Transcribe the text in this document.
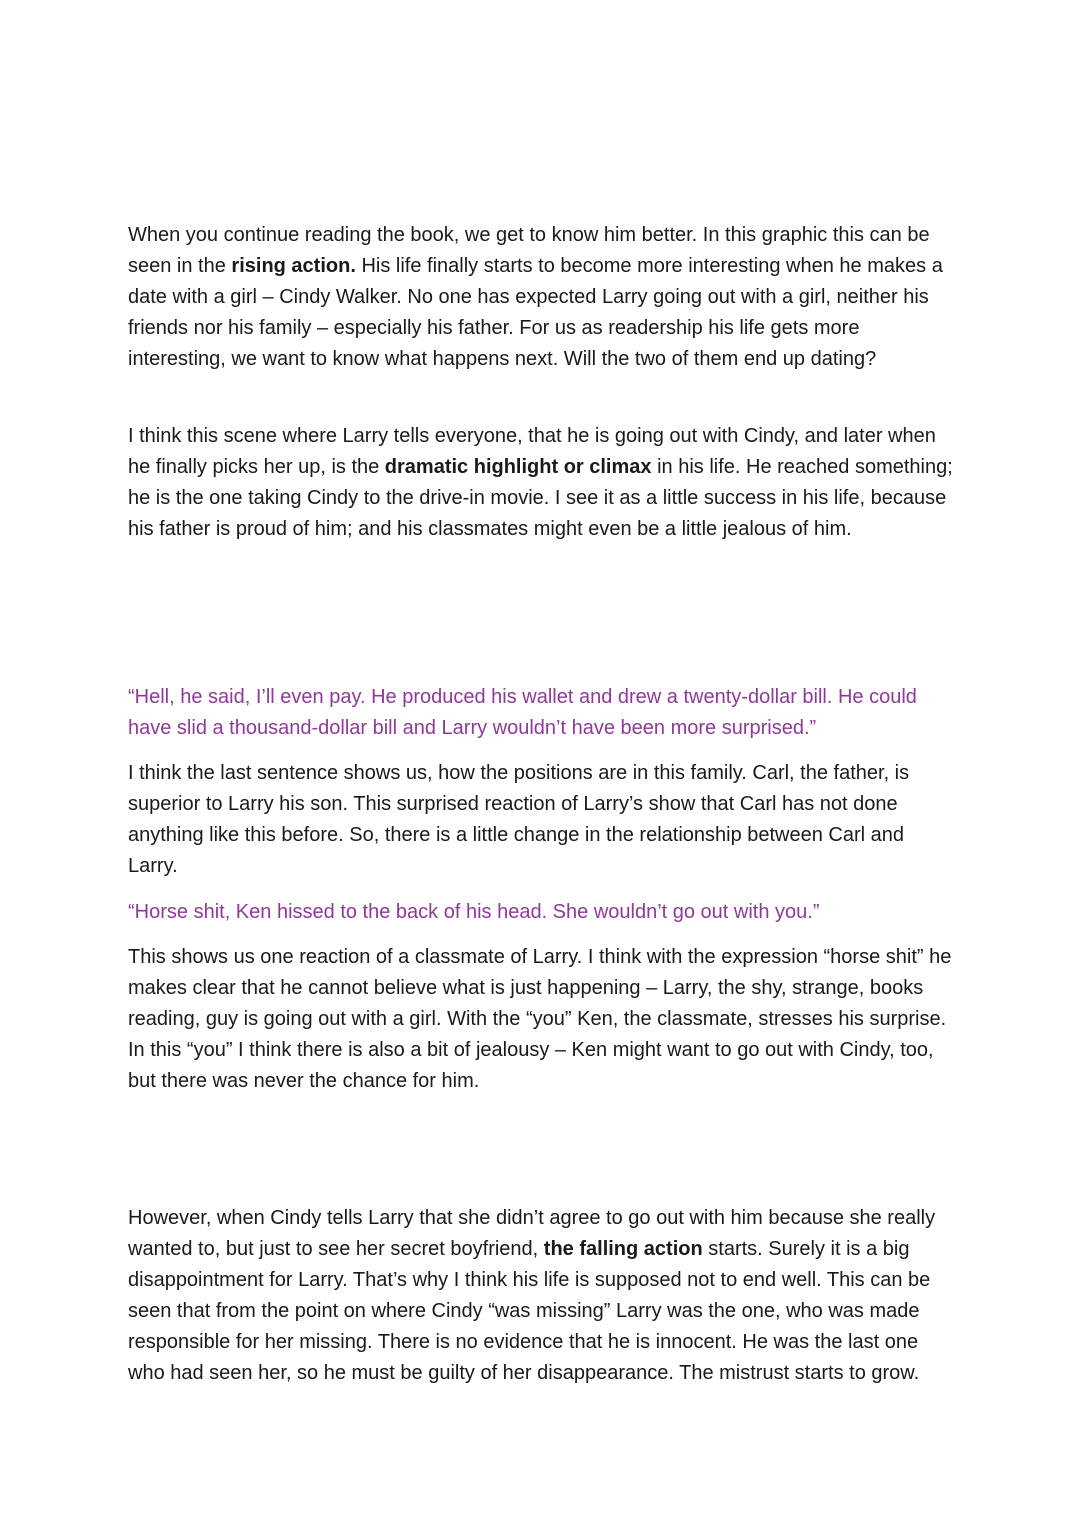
When you continue reading the book, we get to know him better. In this graphic this can be seen in the rising action. His life finally starts to become more interesting when he makes a date with a girl – Cindy Walker. No one has expected Larry going out with a girl, neither his friends nor his family – especially his father. For us as readership his life gets more interesting, we want to know what happens next. Will the two of them end up dating?

I think this scene where Larry tells everyone, that he is going out with Cindy, and later when he finally picks her up, is the dramatic highlight or climax in his life. He reached something; he is the one taking Cindy to the drive-in movie. I see it as a little success in his life, because his father is proud of him; and his classmates might even be a little jealous of him.

“Hell, he said, I’ll even pay. He produced his wallet and drew a twenty-dollar bill. He could have slid a thousand-dollar bill and Larry wouldn’t have been more surprised.”

I think the last sentence shows us, how the positions are in this family. Carl, the father, is superior to Larry his son. This surprised reaction of Larry’s show that Carl has not done anything like this before. So, there is a little change in the relationship between Carl and Larry.

“Horse shit, Ken hissed to the back of his head. She wouldn’t go out with you.”

This shows us one reaction of a classmate of Larry. I think with the expression “horse shit” he makes clear that he cannot believe what is just happening – Larry, the shy, strange, books reading, guy is going out with a girl. With the “you” Ken, the classmate, stresses his surprise. In this “you” I think there is also a bit of jealousy – Ken might want to go out with Cindy, too, but there was never the chance for him.

However, when Cindy tells Larry that she didn’t agree to go out with him because she really wanted to, but just to see her secret boyfriend, the falling action starts. Surely it is a big disappointment for Larry. That’s why I think his life is supposed not to end well. This can be seen that from the point on where Cindy “was missing” Larry was the one, who was made responsible for her missing. There is no evidence that he is innocent. He was the last one who had seen her, so he must be guilty of her disappearance. The mistrust starts to grow.
